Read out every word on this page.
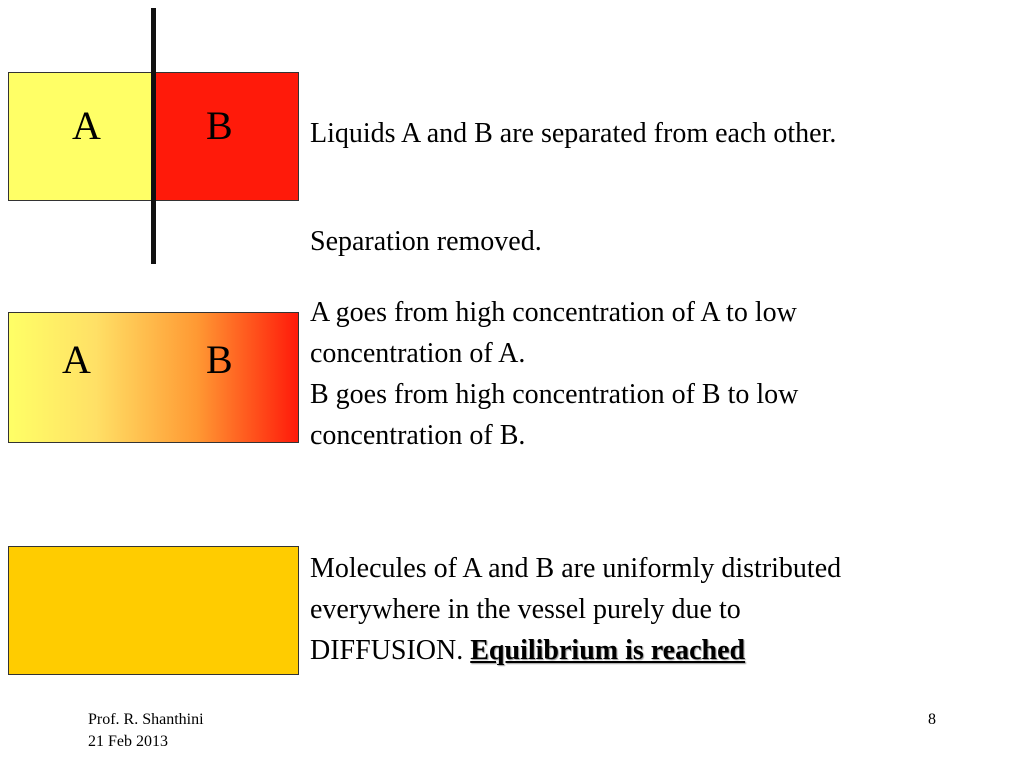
A	B
A	B
Liquids A and B are separated from each other.
Separation removed.
A goes from high concentration of A to low
concentration of A.
B goes from high concentration of B to low
concentration of B.
Molecules of A and B are uniformly distributed
everywhere in the vessel purely due to
DIFFUSION. Equilibrium is reached
Prof. R. Shanthini
21 Feb 2013
8
